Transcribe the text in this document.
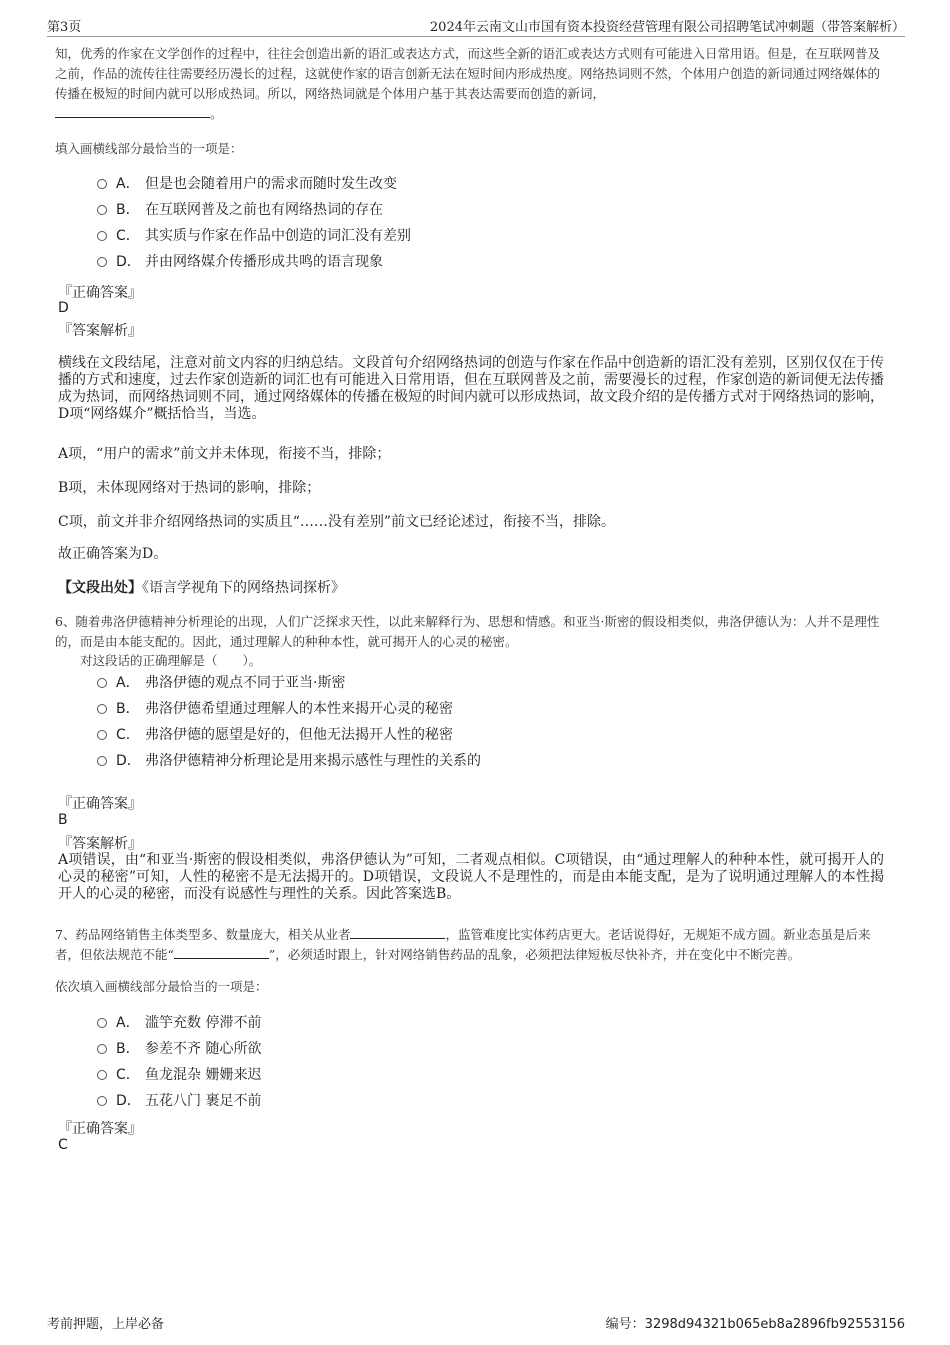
第3页	2024年云南文山市国有资本投资经营管理有限公司招聘笔试冲刺题（带答案解析）
知，优秀的作家在文学创作的过程中，往往会创造出新的语汇或表达方式，而这些全新的语汇或表达方式则有可能进入日常用语。但是，在互联网普及之前，作品的流传往往需要经历漫长的过程，这就使作家的语言创新无法在短时间内形成热度。网络热词则不然，个体用户创造的新词通过网络媒体的传播在极短的时间内就可以形成热词。所以，网络热词就是个体用户基于其表达需要而创造的新词，
。
填入画横线部分最恰当的一项是：
A． 但是也会随着用户的需求而随时发生改变
B． 在互联网普及之前也有网络热词的存在
C． 其实质与作家在作品中创造的词汇没有差别
D． 并由网络媒介传播形成共鸣的语言现象
『正确答案』
D
『答案解析』
横线在文段结尾，注意对前文内容的归纳总结。文段首句介绍网络热词的创造与作家在作品中创造新的语汇没有差别，区别仅仅在于传播的方式和速度，过去作家创造新的词汇也有可能进入日常用语，但在互联网普及之前，需要漫长的过程，作家创造的新词便无法传播成为热词，而网络热词则不同，通过网络媒体的传播在极短的时间内就可以形成热词，故文段介绍的是传播方式对于网络热词的影响，D项“网络媒介”概括恰当，当选。
A项，“用户的需求”前文并未体现，衔接不当，排除；
B项，未体现网络对于热词的影响，排除；
C项，前文并非介绍网络热词的实质且“……没有差别”前文已经论述过，衔接不当，排除。
故正确答案为D。
【文段出处】《语言学视角下的网络热词探析》
6、随着弗洛伊德精神分析理论的出现，人们广泛探求天性，以此来解释行为、思想和情感。和亚当·斯密的假设相类似，弗洛伊德认为：人并不是理性的，而是由本能支配的。因此，通过理解人的种种本性，就可揭开人的心灵的秘密。
对这段话的正确理解是（　　）。
A． 弗洛伊德的观点不同于亚当·斯密
B． 弗洛伊德希望通过理解人的本性来揭开心灵的秘密
C． 弗洛伊德的愿望是好的，但他无法揭开人性的秘密
D． 弗洛伊德精神分析理论是用来揭示感性与理性的关系的
『正确答案』
B
『答案解析』
A项错误，由“和亚当·斯密的假设相类似，弗洛伊德认为”可知，二者观点相似。C项错误，由“通过理解人的种种本性，就可揭开人的心灵的秘密”可知，人性的秘密不是无法揭开的。D项错误，文段说人不是理性的，而是由本能支配，是为了说明通过理解人的本性揭开人的心灵的秘密，而没有说感性与理性的关系。因此答案选B。
7、药品网络销售主体类型多、数量庞大，相关从业者	，监管难度比实体药店更大。老话说得好，无规矩不成方圆。新业态虽是后来者，但依法规范不能“	”，必须适时跟上，针对网络销售药品的乱象，必须把法律短板尽快补齐，并在变化中不断完善。
依次填入画横线部分最恰当的一项是：
A． 滥竽充数 停滞不前
B． 参差不齐 随心所欲
C． 鱼龙混杂 姗姗来迟
D． 五花八门 裹足不前
『正确答案』
C
考前押题，上岸必备	编号：3298d94321b065eb8a2896fb92553156
